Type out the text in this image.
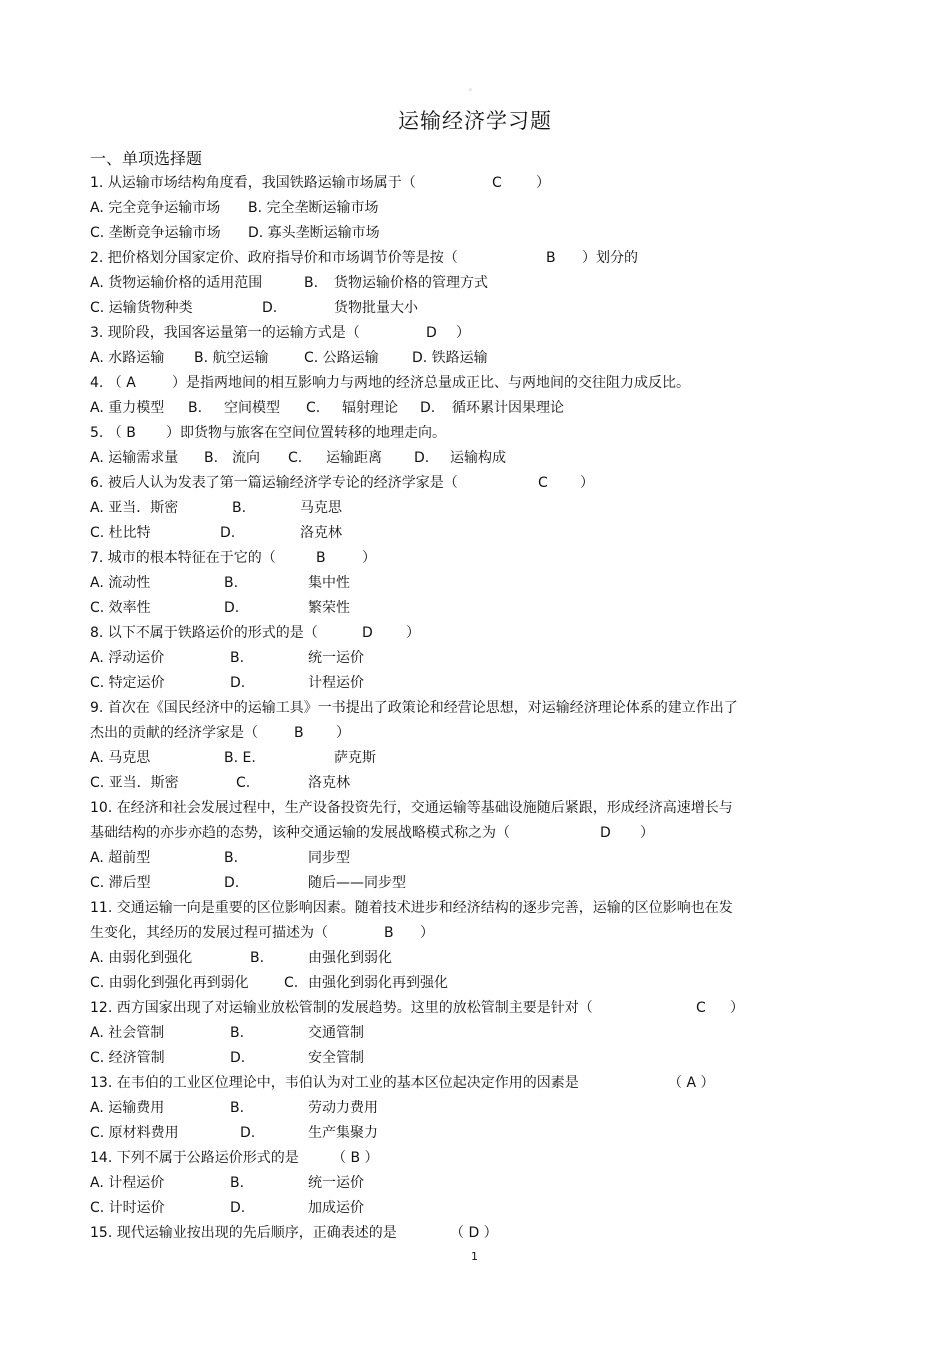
。
运输经济学习题
一、单项选择题
1. 从运输市场结构角度看，我国铁路运输市场属于（	C ）
A. 完全竞争运输市场 B. 完全垄断运输市场
C. 垄断竞争运输市场 D. 寡头垄断运输市场
2. 把价格划分国家定价、政府指导价和市场调节价等是按（	B ）划分的
A. 货物运输价格的适用范围	B. 货物运输价格的管理方式
C. 运输货物种类	D.	货物批量大小
3. 现阶段，我国客运量第一的运输方式是（	D ）
A. 水路运输 B. 航空运输	C. 公路运输 D. 铁路运输
4. （ A	）是指两地间的相互影响力与两地的经济总量成正比、与两地间的交往阻力成反比。
A. 重力模型 B. 空间模型 C. 辐射理论 D. 循环累计因果理论
5. （ B ）即货物与旅客在空间位置转移的地理走向。
A. 运输需求量 B. 流向 C. 运输距离 D. 运输构成
6. 被后人认为发表了第一篇运输经济学专论的经济学家是（	C ）
A. 亚当．斯密	B.	马克思
C. 杜比特	D.	洛克林
7. 城市的根本特征在于它的（	B	）
A. 流动性	B.	集中性
C. 效率性	D.	繁荣性
8. 以下不属于铁路运价的形式的是（	D ）
A. 浮动运价	B.	统一运价
C. 特定运价	D.	计程运价
9. 首次在《国民经济中的运输工具》一书提出了政策论和经营论思想，对运输经济理论体系的建立作出了
杰出的贡献的经济学家是（	B ）
A. 马克思	B. E.	萨克斯
C. 亚当．斯密	C.	洛克林
10. 在经济和社会发展过程中，生产设备投资先行，交通运输等基础设施随后紧跟，形成经济高速增长与
基础结构的亦步亦趋的态势，该种交通运输的发展战略模式称之为（	D ）
A. 超前型	B.	同步型
C. 滞后型	D.	随后——同步型
11. 交通运输一向是重要的区位影响因素。随着技术进步和经济结构的逐步完善，运输的区位影响也在发
生变化，其经历的发展过程可描述为（	B ）
A. 由弱化到强化	B.	由强化到弱化
C. 由弱化到强化再到弱化	C. 由强化到弱化再到强化
12. 西方国家出现了对运输业放松管制的发展趋势。这里的放松管制主要是针对（	C ）
A. 社会管制	B.	交通管制
C. 经济管制	D.	安全管制
13. 在韦伯的工业区位理论中，韦伯认为对工业的基本区位起决定作用的因素是	（ A ）
A. 运输费用	B.	劳动力费用
C. 原材料费用	D.	生产集聚力
14. 下列不属于公路运价形式的是 （ B ）
A. 计程运价	B.	统一运价
C. 计时运价	D.	加成运价
15. 现代运输业按出现的先后顺序，正确表述的是	（ D ）
1
